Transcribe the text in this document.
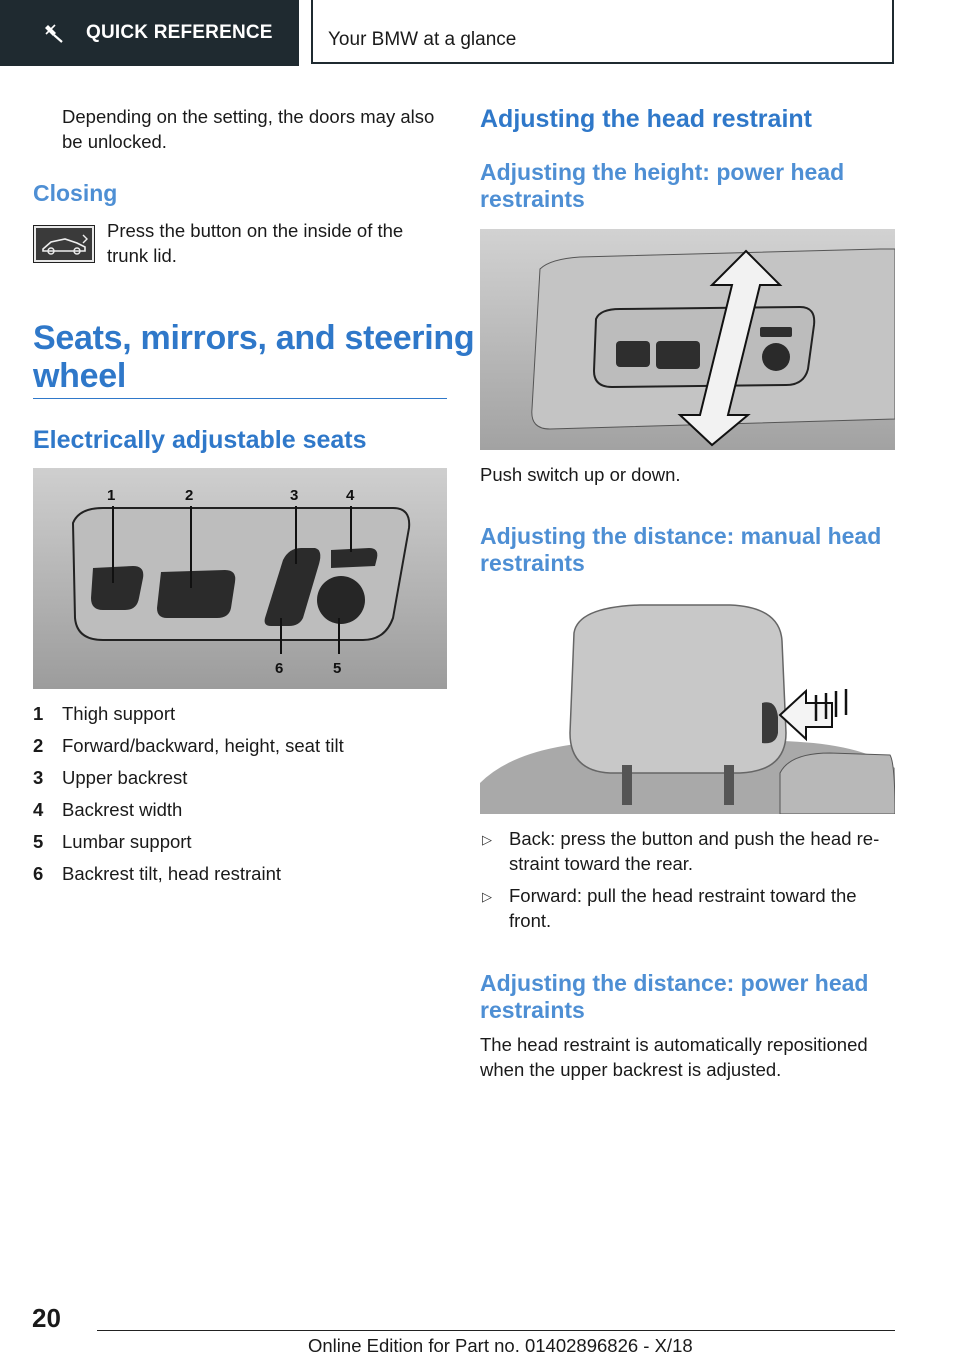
QUICK REFERENCE	Your BMW at a glance
Depending on the setting, the doors may also
be unlocked.
Closing
Press the button on the inside of the
trunk lid.
Seats, mirrors, and steering
wheel
Electrically adjustable seats
1	2	3	4
6	5
1 Thigh support
2 Forward/backward, height, seat tilt
3 Upper backrest
4 Backrest width
5 Lumbar support
6 Backrest tilt, head restraint
Adjusting the head restraint
Adjusting the height: power head
restraints
Push switch up or down.
Adjusting the distance: manual head
restraints
▷ Back: press the button and push the head re-
straint toward the rear.
▷ Forward: pull the head restraint toward the
front.
Adjusting the distance: power head
restraints
The head restraint is automatically repositioned
when the upper backrest is adjusted.
20
Online Edition for Part no. 01402896826 - X/18
